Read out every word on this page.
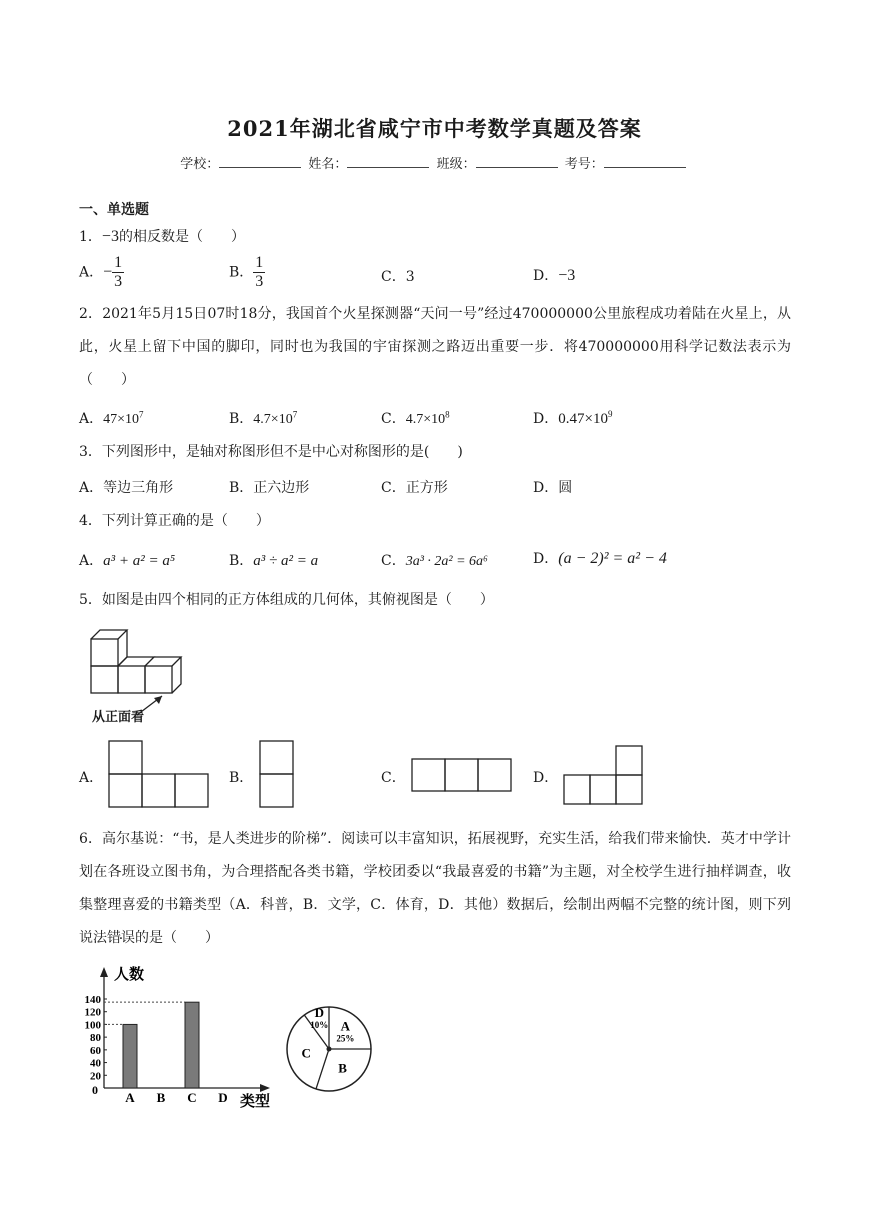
2021年湖北省咸宁市中考数学真题及答案
学校：	姓名：	班级：	考号：
一、单选题
1．−3的相反数是（　　）
A．− $\frac{1}{3}$	B． $\frac{1}{3}$	C．3	D．−3
2．2021年5月15日07时18分，我国首个火星探测器“天问一号”经过470000000公里旅程成功着陆在火星上，从此，火星上留下中国的脚印，同时也为我国的宇宙探测之路迈出重要一步．将470000000用科学记数法表示为（　　）
A．$47\times 10^7$	B．$4.7\times 10^7$	C．$4.7\times 10^8$	D．$0.47\times 10^9$
3．下列图形中，是轴对称图形但不是中心对称图形的是(　　)
A．等边三角形	B．正六边形	C．正方形	D．圆
4．下列计算正确的是（　　）
A．a³ + a² = a⁵	B．a³ ÷ a² = a	C．3a³ · 2a² = 6a⁶	D．(a − 2)² = a² − 4
5．如图是由四个相同的正方体组成的几何体，其俯视图是（　　）
从正面看
A．	B．	C．	D．
6．高尔基说：“书，是人类进步的阶梯”．阅读可以丰富知识，拓展视野，充实生活，给我们带来愉快．英才中学计划在各班设立图书角，为合理搭配各类书籍，学校团委以“我最喜爱的书籍”为主题，对全校学生进行抽样调查，收集整理喜爱的书籍类型（A．科普，B．文学，C．体育，D．其他）数据后，绘制出两幅不完整的统计图，则下列说法错误 ·的是（　　）
人数
类型
0
20
40
60
80
100
120
140
A B C D
A
25%
B
C
D
10%
